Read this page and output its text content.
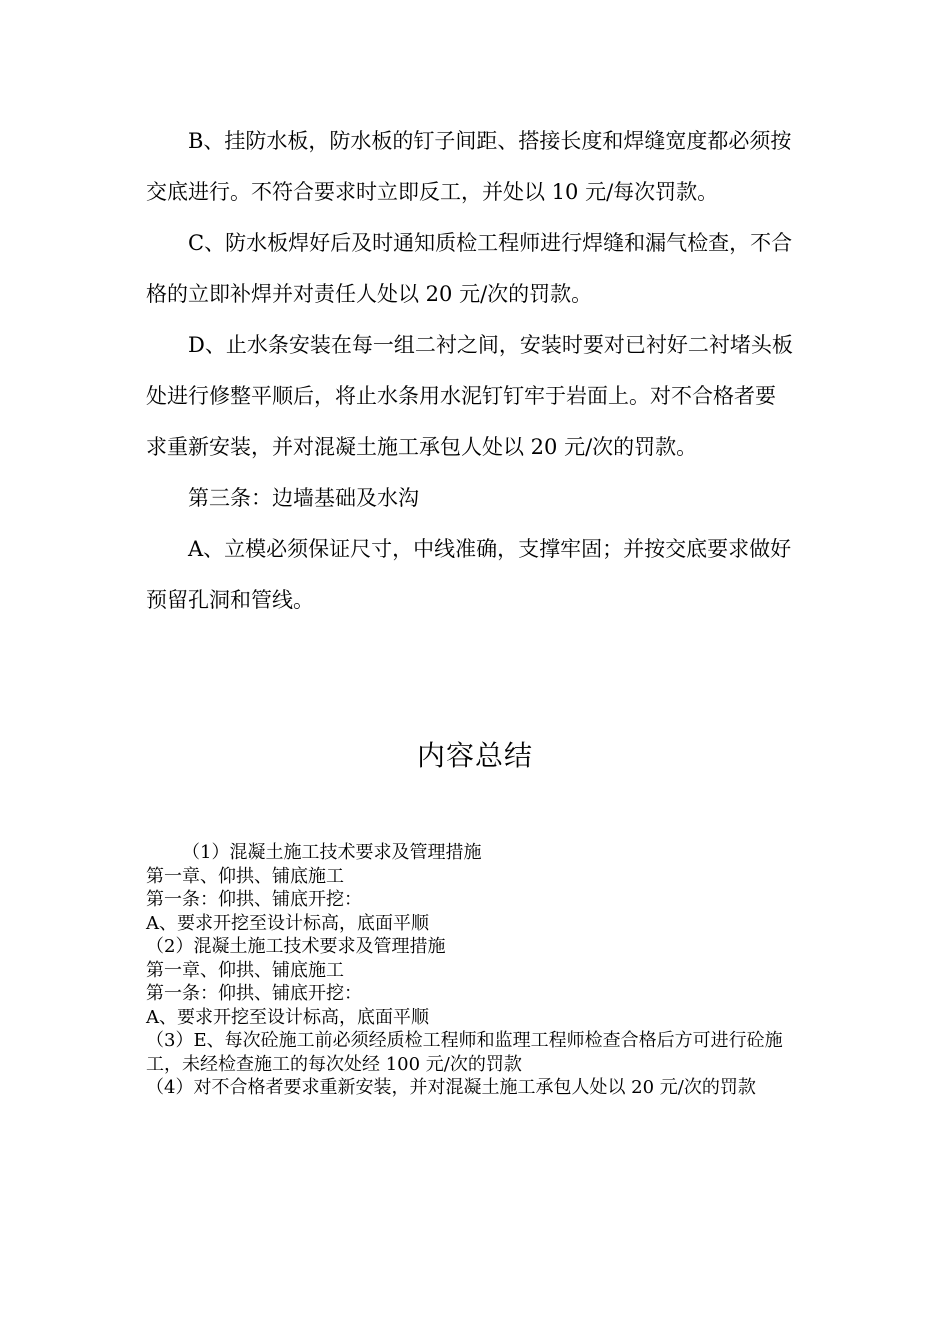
B、挂防水板，防水板的钉子间距、搭接长度和焊缝宽度都必须按交底进行。不符合要求时立即反工，并处以 10 元/每次罚款。

C、防水板焊好后及时通知质检工程师进行焊缝和漏气检查，不合格的立即补焊并对责任人处以 20 元/次的罚款。

D、止水条安装在每一组二衬之间，安装时要对已衬好二衬堵头板处进行修整平顺后，将止水条用水泥钉钉牢于岩面上。对不合格者要求重新安装，并对混凝土施工承包人处以 20 元/次的罚款。

第三条：边墙基础及水沟

A、立模必须保证尺寸，中线准确，支撑牢固；并按交底要求做好预留孔洞和管线。

内容总结
（1）混凝土施工技术要求及管理措施
第一章、仰拱、铺底施工
第一条：仰拱、铺底开挖：
A、要求开挖至设计标高，底面平顺
（2）混凝土施工技术要求及管理措施
第一章、仰拱、铺底施工
第一条：仰拱、铺底开挖：
A、要求开挖至设计标高，底面平顺
（3）E、每次砼施工前必须经质检工程师和监理工程师检查合格后方可进行砼施工，未经检查施工的每次处经 100 元/次的罚款
（4）对不合格者要求重新安装，并对混凝土施工承包人处以 20 元/次的罚款
